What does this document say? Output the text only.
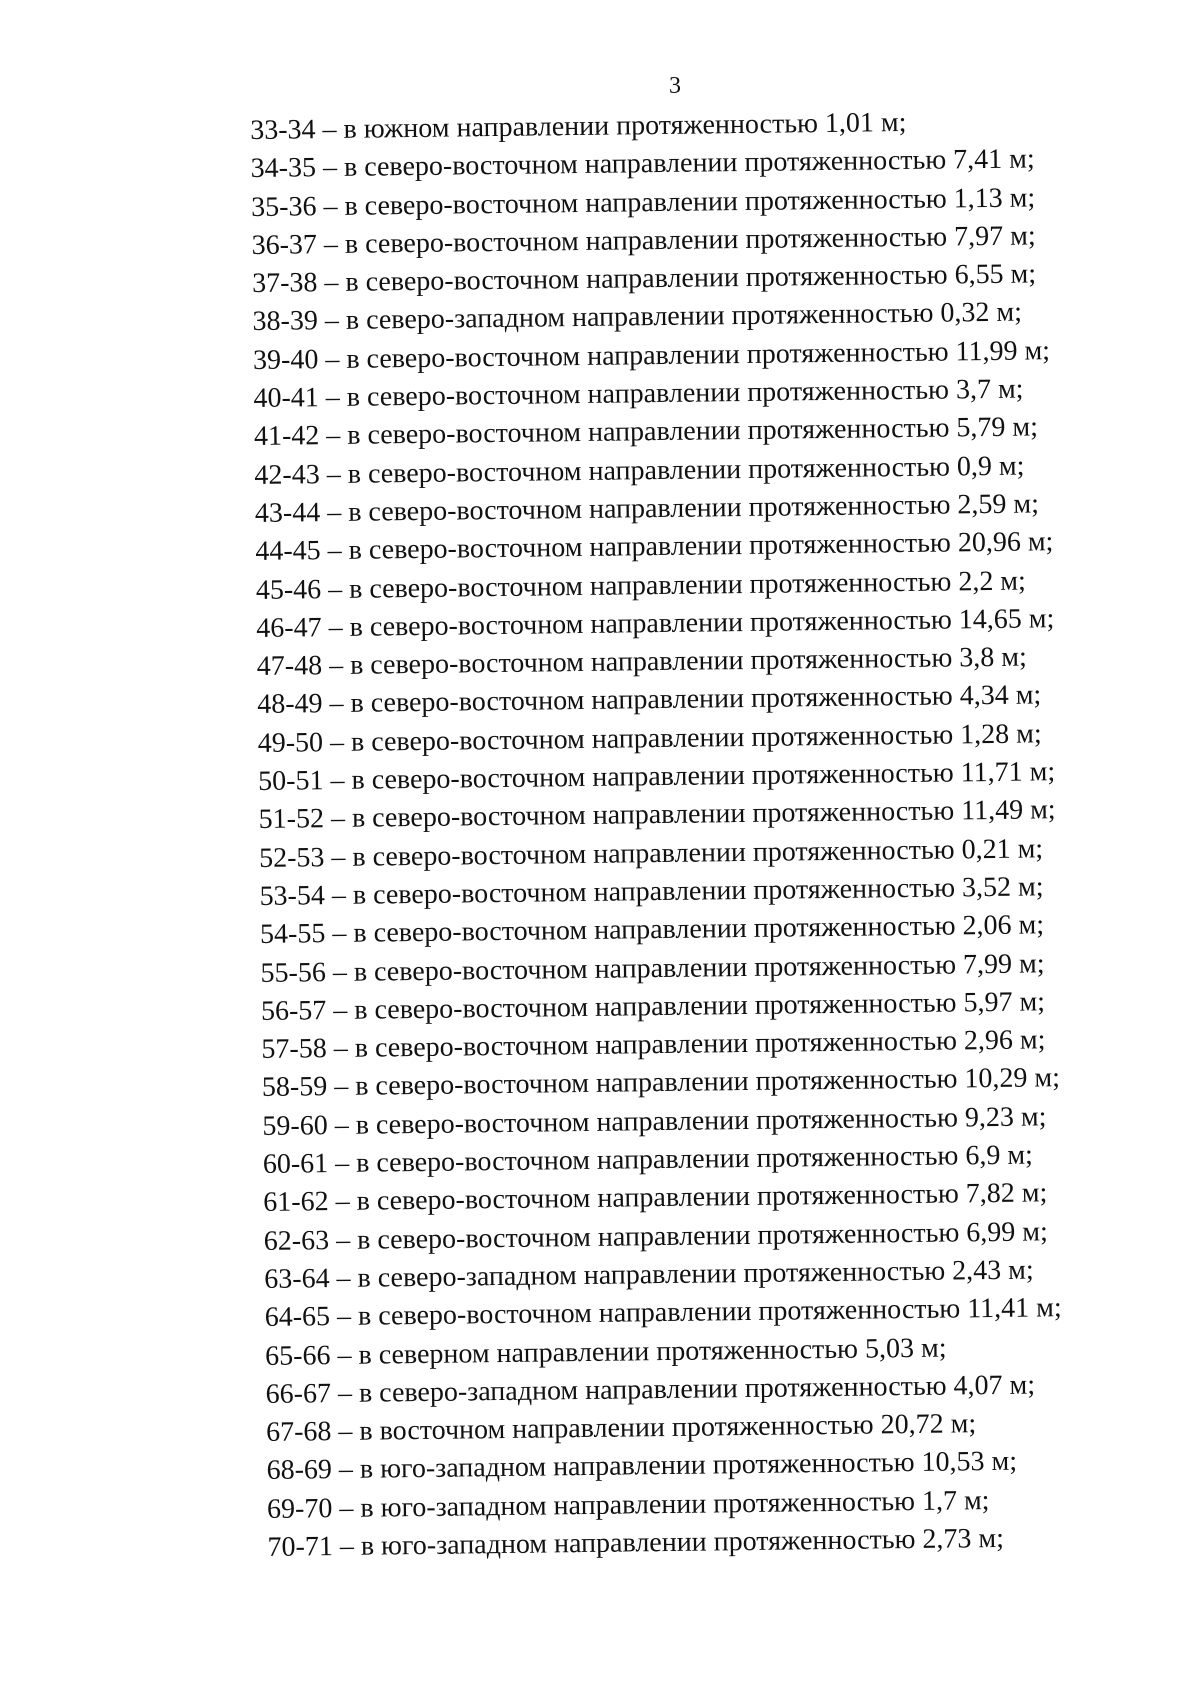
3
33-34 – в южном направлении протяженностью 1,01 м;
34-35 – в северо-восточном направлении протяженностью 7,41 м;
35-36 – в северо-восточном направлении протяженностью 1,13 м;
36-37 – в северо-восточном направлении протяженностью 7,97 м;
37-38 – в северо-восточном направлении протяженностью 6,55 м;
38-39 – в северо-западном направлении протяженностью 0,32 м;
39-40 – в северо-восточном направлении протяженностью 11,99 м;
40-41 – в северо-восточном направлении протяженностью 3,7 м;
41-42 – в северо-восточном направлении протяженностью 5,79 м;
42-43 – в северо-восточном направлении протяженностью 0,9 м;
43-44 – в северо-восточном направлении протяженностью 2,59 м;
44-45 – в северо-восточном направлении протяженностью 20,96 м;
45-46 – в северо-восточном направлении протяженностью 2,2 м;
46-47 – в северо-восточном направлении протяженностью 14,65 м;
47-48 – в северо-восточном направлении протяженностью 3,8 м;
48-49 – в северо-восточном направлении протяженностью 4,34 м;
49-50 – в северо-восточном направлении протяженностью 1,28 м;
50-51 – в северо-восточном направлении протяженностью 11,71 м;
51-52 – в северо-восточном направлении протяженностью 11,49 м;
52-53 – в северо-восточном направлении протяженностью 0,21 м;
53-54 – в северо-восточном направлении протяженностью 3,52 м;
54-55 – в северо-восточном направлении протяженностью 2,06 м;
55-56 – в северо-восточном направлении протяженностью 7,99 м;
56-57 – в северо-восточном направлении протяженностью 5,97 м;
57-58 – в северо-восточном направлении протяженностью 2,96 м;
58-59 – в северо-восточном направлении протяженностью 10,29 м;
59-60 – в северо-восточном направлении протяженностью 9,23 м;
60-61 – в северо-восточном направлении протяженностью 6,9 м;
61-62 – в северо-восточном направлении протяженностью 7,82 м;
62-63 – в северо-восточном направлении протяженностью 6,99 м;
63-64 – в северо-западном направлении протяженностью 2,43 м;
64-65 – в северо-восточном направлении протяженностью 11,41 м;
65-66 – в северном направлении протяженностью 5,03 м;
66-67 – в северо-западном направлении протяженностью 4,07 м;
67-68 – в восточном направлении протяженностью 20,72 м;
68-69 – в юго-западном направлении протяженностью 10,53 м;
69-70 – в юго-западном направлении протяженностью 1,7 м;
70-71 – в юго-западном направлении протяженностью 2,73 м;
